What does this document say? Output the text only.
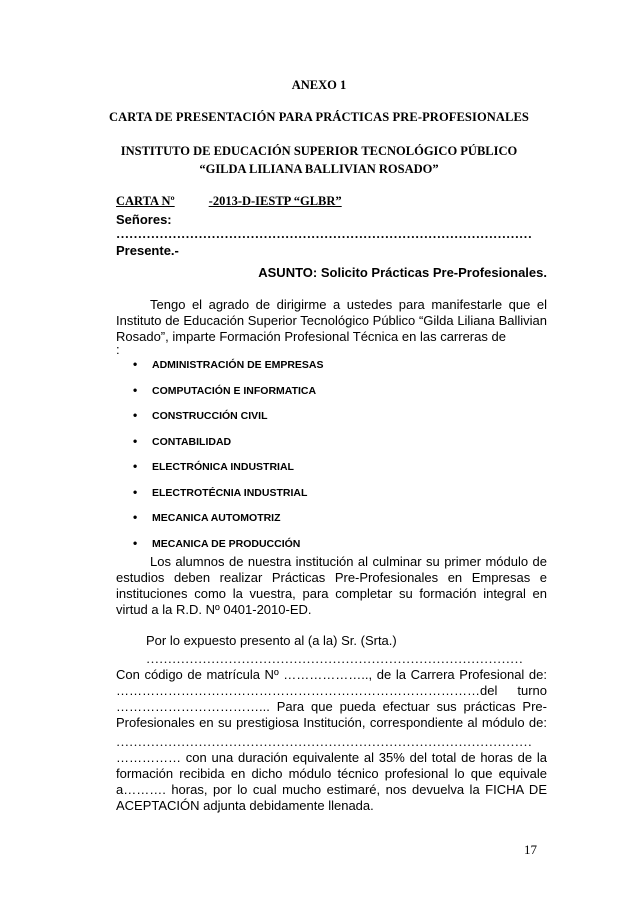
ANEXO 1
CARTA DE PRESENTACIÓN PARA PRÁCTICAS PRE-PROFESIONALES
INSTITUTO DE EDUCACIÓN SUPERIOR TECNOLÓGICO PÚBLICO
“GILDA LILIANA BALLIVIAN ROSADO”
CARTA Nº	-2013-D-IESTP “GLBR”
Señores:
……………………………………………………………………………………
Presente.-
ASUNTO: Solicito Prácticas Pre-Profesionales.
Tengo el agrado de dirigirme a ustedes para manifestarle que el
Instituto de Educación Superior Tecnológico Público “Gilda Liliana Ballivian
Rosado”, imparte Formación Profesional Técnica en las carreras de
:
• ADMINISTRACIÓN DE EMPRESAS
• COMPUTACIÓN E INFORMATICA
• CONSTRUCCIÓN CIVIL
• CONTABILIDAD
• ELECTRÓNICA INDUSTRIAL
• ELECTROTÉCNIA INDUSTRIAL
• MECANICA AUTOMOTRIZ
• MECANICA DE PRODUCCIÓN
Los alumnos de nuestra institución al culminar su primer módulo de
estudios deben realizar Prácticas Pre-Profesionales en Empresas e
instituciones como la vuestra, para completar su formación integral en
virtud a la R.D. Nº 0401-2010-ED.
Por lo expuesto presento al (a la) Sr. (Srta.)
……………………………………………………………………………
Con código de matrícula Nº ……………….., de la Carrera Profesional de:
…………………………………………………………………………del turno
……………………………... Para que pueda efectuar sus prácticas Pre-
Profesionales en su prestigiosa Institución, correspondiente al módulo de:
……………………………………………………………………………………
…………… con una duración equivalente al 35% del total de horas de la
formación recibida en dicho módulo técnico profesional lo que equivale
a………. horas, por lo cual mucho estimaré, nos devuelva la FICHA DE
ACEPTACIÓN adjunta debidamente llenada.
17
